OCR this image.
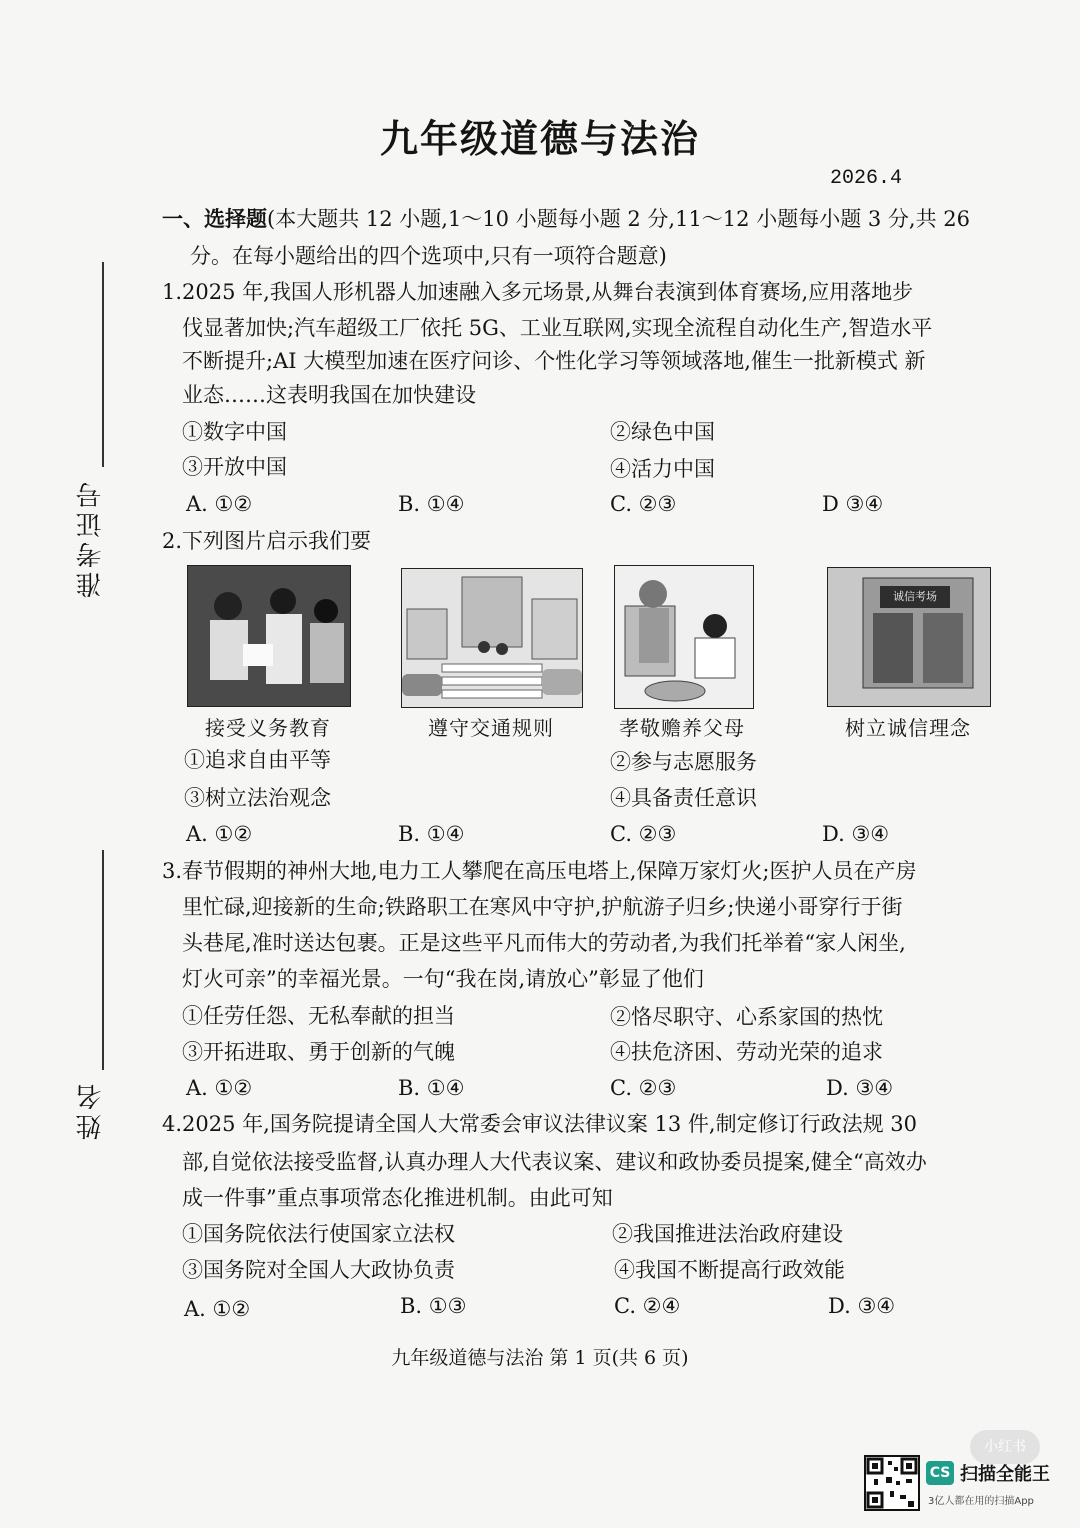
九年级道德与法治
2026.4
准考证号
姓名
一、选择题(本大题共 12 小题,1～10 小题每小题 2 分,11～12 小题每小题 3 分,共 26
分。在每小题给出的四个选项中,只有一项符合题意)
1.2025 年,我国人形机器人加速融入多元场景,从舞台表演到体育赛场,应用落地步
伐显著加快;汽车超级工厂依托 5G、工业互联网,实现全流程自动化生产,智造水平
不断提升;AI 大模型加速在医疗问诊、个性化学习等领域落地,催生一批新模式 新
业态……这表明我国在加快建设
①数字中国	②绿色中国
③开放中国	④活力中国
A. ①②	B. ①④	C. ②③	D ③④
2.下列图片启示我们要
诚信考场
接受义务教育	遵守交通规则	孝敬赡养父母	树立诚信理念
①追求自由平等	②参与志愿服务
③树立法治观念	④具备责任意识
A. ①②	B. ①④	C. ②③	D. ③④
3.春节假期的神州大地,电力工人攀爬在高压电塔上,保障万家灯火;医护人员在产房
里忙碌,迎接新的生命;铁路职工在寒风中守护,护航游子归乡;快递小哥穿行于街
头巷尾,准时送达包裹。正是这些平凡而伟大的劳动者,为我们托举着“家人闲坐,
灯火可亲”的幸福光景。一句“我在岗,请放心”彰显了他们
①任劳任怨、无私奉献的担当	②恪尽职守、心系家国的热忱
③开拓进取、勇于创新的气魄	④扶危济困、劳动光荣的追求
A. ①②	B. ①④	C. ②③	D. ③④
4.2025 年,国务院提请全国人大常委会审议法律议案 13 件,制定修订行政法规 30
部,自觉依法接受监督,认真办理人大代表议案、建议和政协委员提案,健全“高效办
成一件事”重点事项常态化推进机制。由此可知
①国务院依法行使国家立法权	②我国推进法治政府建设
③国务院对全国人大政协负责	④我国不断提高行政效能
A. ①②	B. ①③	C. ②④	D. ③④
九年级道德与法治 第 1 页(共 6 页)
小红书
CS 扫描全能王
3亿人都在用的扫描App
